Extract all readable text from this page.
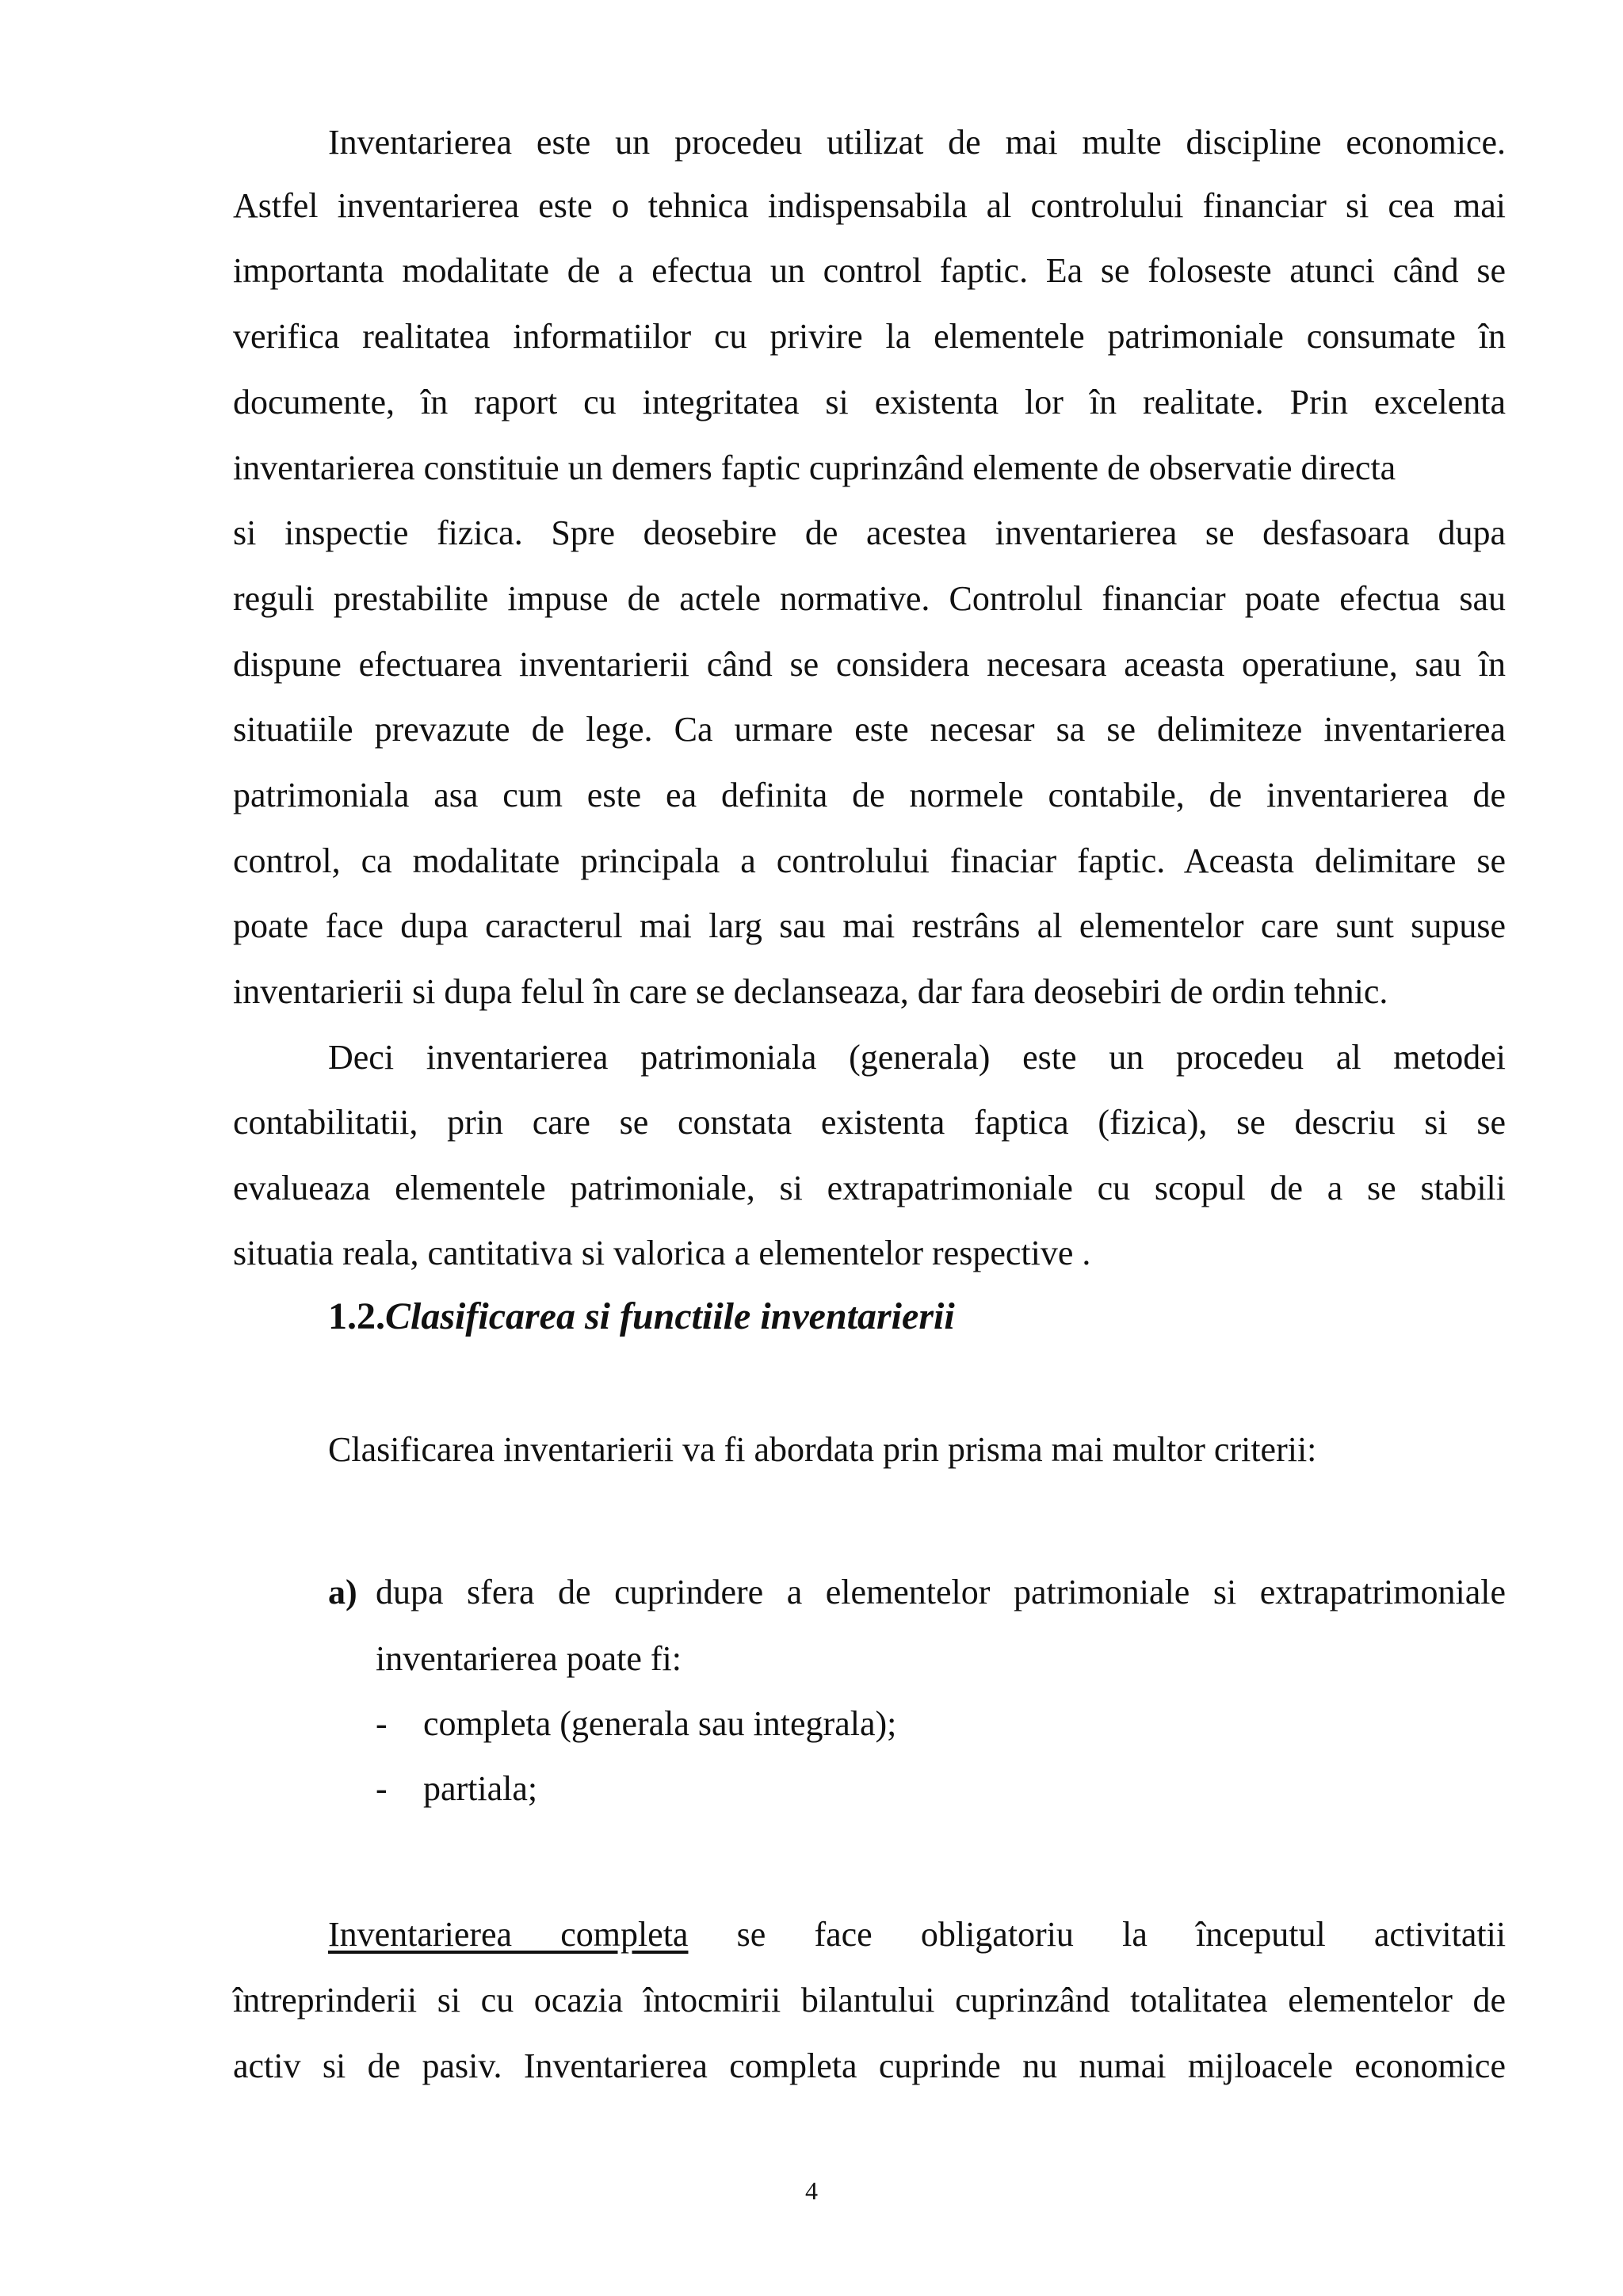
Inventarierea este un procedeu utilizat de mai multe discipline economice.
Astfel inventarierea este o tehnica indispensabila al controlului financiar si cea mai
importanta modalitate de a efectua un control faptic. Ea se foloseste atunci când se
verifica realitatea informatiilor cu privire la elementele patrimoniale consumate în
documente, în raport cu integritatea si existenta lor în realitate. Prin excelenta
inventarierea constituie un demers faptic cuprinzând elemente de observatie directa
si inspectie fizica. Spre deosebire de acestea inventarierea se desfasoara dupa
reguli prestabilite impuse de actele normative. Controlul financiar poate efectua sau
dispune efectuarea inventarierii când se considera necesara aceasta operatiune, sau în
situatiile prevazute de lege. Ca urmare este necesar sa se delimiteze inventarierea
patrimoniala asa cum este ea definita de normele contabile, de inventarierea de
control, ca modalitate principala a controlului finaciar faptic. Aceasta delimitare se
poate face dupa caracterul mai larg sau mai restrâns al elementelor care sunt supuse
inventarierii si dupa felul în care se declanseaza, dar fara deosebiri de ordin tehnic.
Deci inventarierea patrimoniala (generala) este un procedeu al metodei
contabilitatii, prin care se constata existenta faptica (fizica), se descriu si se
evalueaza elementele patrimoniale, si extrapatrimoniale cu scopul de a se stabili
situatia reala, cantitativa si valorica a elementelor respective .
1.2.Clasificarea si functiile inventarierii
Clasificarea inventarierii va fi abordata prin prisma mai multor criterii:
a) dupa sfera de cuprindere a elementelor patrimoniale si extrapatrimoniale
inventarierea poate fi:
- completa (generala sau integrala);
- partiala;
Inventarierea completa se face obligatoriu la începutul activitatii
întreprinderii si cu ocazia întocmirii bilantului cuprinzând totalitatea elementelor de
activ si de pasiv. Inventarierea completa cuprinde nu numai mijloacele economice
4
